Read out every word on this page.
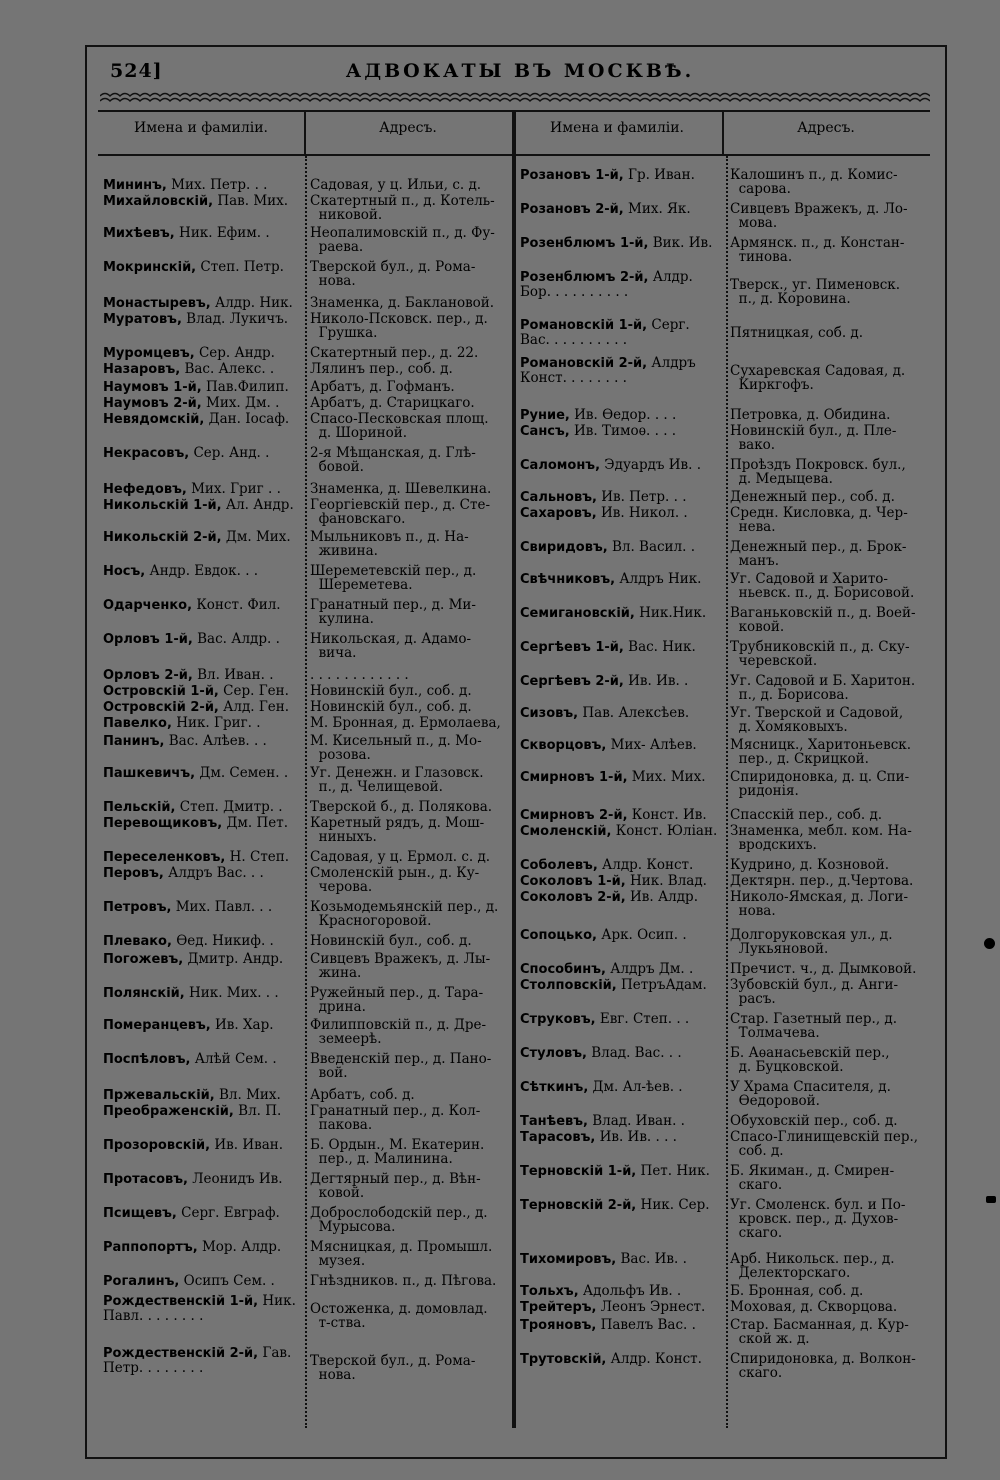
524]	АДВОКАТЫ ВЪ МОСКВѢ.
Имена и фамиліи.	Адресъ.	Имена и фамиліи.	Адресъ.
Мининъ, Мих. Петр. . .	Садовая, у ц. Ильи, с. д.
Михайловскій, Пав. Мих. Скатертный п., д. Котель-
никовой.
Михѣевъ, Ник. Ефим. .	Неопалимовскій п., д. Фу-
раева.
Мокринскій, Степ. Петр. Тверской бул., д. Рома-
нова.
Монастыревъ, Алдр. Ник. Знаменка, д. Баклановой.
Муратовъ, Влад. Лукичъ. Николо-Псковск. пер., д.
Грушка.
Муромцевъ, Сер. Андр.	Скатертный пер., д. 22.
Назаровъ, Вас. Алекс. .	Лялинъ пер., соб. д.
Наумовъ 1-й, Пав.Филип. Арбатъ, д. Гофманъ.
Наумовъ 2-й, Мих. Дм. . Арбатъ, д. Старицкаго.
Невядомскій, Дан. Іосаф. Спасо-Песковская площ.
д. Шориной.
Некрасовъ, Сер. Анд. .	2-я Мѣщанская, д. Глѣ-
бовой.
Нефедовъ, Мих. Григ . . Знаменка, д. Шевелкина.
Никольскій 1-й, Ал. Андр. Георгіевскій пер., д. Сте-
фановскаго.
Никольскій 2-й, Дм. Мих. Мыльниковъ п., д. На-
живина.
Носъ, Андр. Евдок. . .	Шереметевскій пер., д.
Шереметева.
Одарченко, Конст. Фил. Гранатный пер., д. Ми-
кулина.
Орловъ 1-й, Вас. Алдр. . Никольская, д. Адамо-
вича.
Орловъ 2-й, Вл. Иван. .	. . . . . . . . . . . .
Островскій 1-й, Сер. Ген. Новинскій бул., соб. д.
Островскій 2-й, Алд. Ген. Новинскій бул., соб. д.
Павелко, Ник. Григ. .	М. Бронная, д. Ермолаева,
Панинъ, Вас. Алѣев. . .	М. Кисельный п., д. Мо-
розова.
Пашкевичъ, Дм. Семен. . Уг. Денежн. и Глазовск.
п., д. Челищевой.
Пельскій, Степ. Дмитр. . Тверской б., д. Полякова.
Перевощиковъ, Дм. Пет. Каретный рядъ, д. Мош-
ниныхъ.
Переселенковъ, Н. Степ. Садовая, у ц. Ермол. с. д.
Перовъ, Алдръ Вас. . .	Смоленскій рын., д. Ку-
черова.
Петровъ, Мих. Павл. . .	Козьмодемьянскій пер., д.
Красногоровой.
Плевако, Ѳед. Никиф. .	Новинскій бул., соб. д.
Погожевъ, Дмитр. Андр. Сивцевъ Вражекъ, д. Лы-
жина.
Полянскій, Ник. Мих. . . Ружейный пер., д. Тара-
дрина.
Померанцевъ, Ив. Хар.	Филипповскій п., д. Дре-
земеерѣ.
Поспѣловъ, Алѣй Сем. . Введенскій пер., д. Пано-
вой.
Пржевальскій, Вл. Мих. Арбатъ, соб. д.
Преображенскій, Вл. П. Гранатный пер., д. Кол-
пакова.
Прозоровскій, Ив. Иван. Б. Ордын., М. Екатерин.
пер., д. Малинина.
Протасовъ, Леонидъ Ив. Дегтярный пер., д. Вѣн-
ковой.
Псищевъ, Серг. Евграф. Доброслободскій пер., д.
Мурысова.
Раппопортъ, Мор. Алдр. Мясницкая, д. Промышл.
музея.
Рогалинъ, Осипъ Сем. .	Гнѣздников. п., д. Пѣгова.
Рождественскій 1-й, Ник.
Павл. . . . . . . .	Остоженка, д. домовлад.
т-ства.
Рождественскій 2-й, Гав.
Петр. . . . . . . .	Тверской бул., д. Рома-
нова.
Розановъ 1-й, Гр. Иван.	Калошинъ п., д. Комис-
сарова.
Розановъ 2-й, Мих. Як.	Сивцевъ Вражекъ, д. Ло-
мова.
Розенблюмъ 1-й, Вик. Ив. Армянск. п., д. Констан-
тинова.
Розенблюмъ 2-й, Алдр.
Бор. . . . . . . . . .	Тверск., уг. Пименовск.
п., д. Коровина.
Романовскій 1-й, Серг.
Вас. . . . . . . . . .	Пятницкая, соб. д.
Романовскій 2-й, Алдръ
Конст. . . . . . . .	Сухаревская Садовая, д.
Киркгофъ.
Руние, Ив. Ѳедор. . . .	Петровка, д. Обидина.
Сансъ, Ив. Тимоѳ. . . .	Новинскій бул., д. Пле-
вако.
Саломонъ, Эдуардъ Ив. . Проѣздъ Покровск. бул.,
д. Медыцева.
Сальновъ, Ив. Петр. . .	Денежный пер., соб. д.
Сахаровъ, Ив. Никол. .	Средн. Кисловка, д. Чер-
нева.
Свиридовъ, Вл. Васил. .	Денежный пер., д. Брок-
манъ.
Свѣчниковъ, Алдръ Ник. Уг. Садовой и Харито-
ньевск. п., д. Борисовой.
Семигановскій, Ник.Ник. Ваганьковскій п., д. Воей-
ковой.
Сергѣевъ 1-й, Вас. Ник.	Трубниковскій п., д. Ску-
черевской.
Сергѣевъ 2-й, Ив. Ив. .	Уг. Садовой и Б. Харитон.
п., д. Борисова.
Сизовъ, Пав. Алексѣев.	Уг. Тверской и Садовой,
д. Хомяковыхъ.
Скворцовъ, Мих- Алѣев. Мясницк., Харитоньевск.
пер., д. Скрицкой.
Смирновъ 1-й, Мих. Мих. Спиридоновка, д. ц. Спи-
ридонія.
Смирновъ 2-й, Конст. Ив. Спасскій пер., соб. д.
Смоленскій, Конст. Юліан. Знаменка, мебл. ком. На-
вродскихъ.
Соболевъ, Алдр. Конст.	Кудрино, д. Козновой.
Соколовъ 1-й, Ник. Влад. Дектярн. пер., д.Чертова.
Соколовъ 2-й, Ив. Алдр. Николо-Ямская, д. Логи-
нова.
Сопоцько, Арк. Осип. .	Долгоруковская ул., д.
Лукьяновой.
Способинъ, Алдръ Дм. .	Пречист. ч., д. Дымковой.
Столповскій, ПетръАдам. Зубовскій бул., д. Анги-
расъ.
Струковъ, Евг. Степ. . .	Стар. Газетный пер., д.
Толмачева.
Стуловъ, Влад. Вас. . .	Б. Аѳанасьевскій пер.,
д. Буцковской.
Сѣткинъ, Дм. Ал-ѣев. .	У Храма Спасителя, д.
Ѳедоровой.
Танѣевъ, Влад. Иван. .	Обуховскій пер., соб. д.
Тарасовъ, Ив. Ив. . . .	Спасо-Глинищевскій пер.,
соб. д.
Терновскій 1-й, Пет. Ник. Б. Якиман., д. Смирен-
скаго.
Терновскій 2-й, Ник. Сер. Уг. Смоленск. бул. и По-
кровск. пер., д. Духов-
скаго.
Тихомировъ, Вас. Ив. .	Арб. Никольск. пер., д.
Делекторскаго.
Тольхъ, Адольфъ Ив. .	Б. Бронная, соб. д.
Трейтеръ, Леонъ Эрнест. Моховая, д. Скворцова.
Трояновъ, Павелъ Вас. .	Стар. Басманная, д. Кур-
ской ж. д.
Трутовскій, Алдр. Конст. Спиридоновка, д. Волкон-
скаго.
